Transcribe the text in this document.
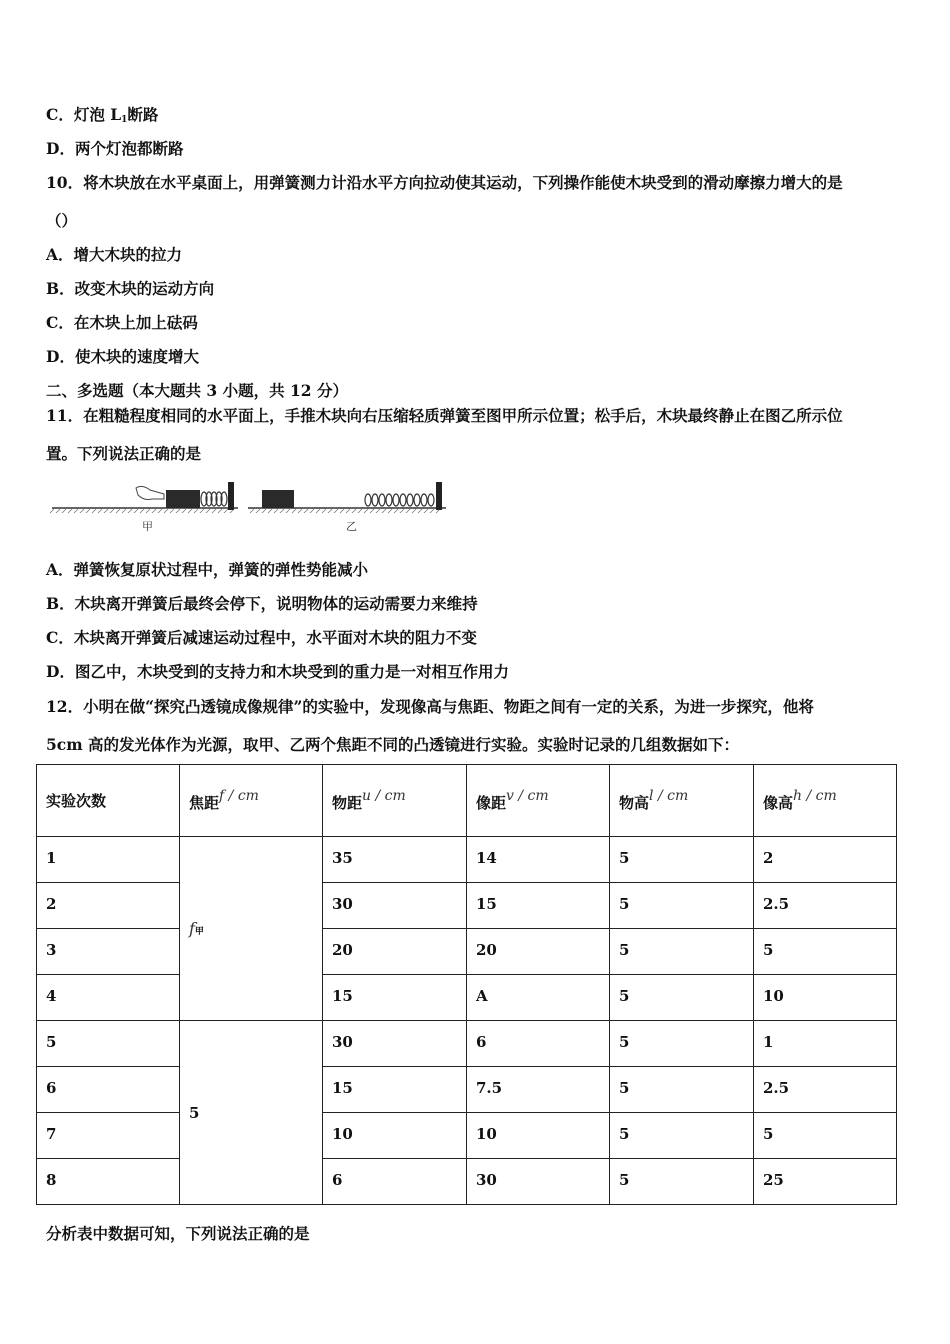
C．灯泡 $L_1$断路
D．两个灯泡都断路
10．将木块放在水平桌面上，用弹簧测力计沿水平方向拉动使其运动，下列操作能使木块受到的滑动摩擦力增大的是
（）
A．增大木块的拉力
B．改变木块的运动方向
C．在木块上加上砝码
D．使木块的速度增大
二、多选题（本大题共 3 小题，共 12 分）
11．在粗糙程度相同的水平面上，手推木块向右压缩轻质弹簧至图甲所示位置；松手后，木块最终静止在图乙所示位
置。下列说法正确的是
甲	乙
A．弹簧恢复原状过程中，弹簧的弹性势能减小
B．木块离开弹簧后最终会停下，说明物体的运动需要力来维持
C．木块离开弹簧后减速运动过程中，水平面对木块的阻力不变
D．图乙中，木块受到的支持力和木块受到的重力是一对相互作用力
12．小明在做“探究凸透镜成像规律”的实验中，发现像高与焦距、物距之间有一定的关系，为进一步探究，他将
5cm 高的发光体作为光源，取甲、乙两个焦距不同的凸透镜进行实验。实验时记录的几组数据如下：
实验次数	焦距f / cm	物距u / cm	像距v / cm	物高l / cm	像高h / cm
1	f甲	35	14	5	2
2		30	15	5	2.5
3		20	20	5	5
4		15	A	5	10
5	5	30	6	5	1
6		15	7.5	5	2.5
7		10	10	5	5
8		6	30	5	25
分析表中数据可知，下列说法正确的是
